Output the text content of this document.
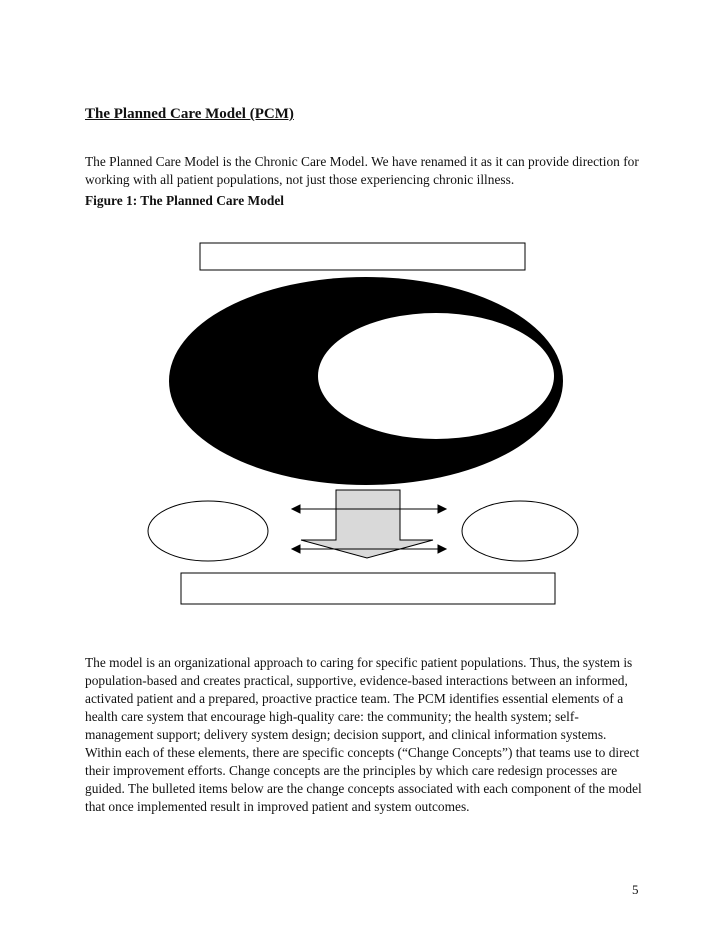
The Planned Care Model (PCM)

The Planned Care Model is the Chronic Care Model. We have renamed it as it can provide direction for working with all patient populations, not just those experiencing chronic illness.

Figure 1: The Planned Care Model

The model is an organizational approach to caring for specific patient populations. Thus, the system is population-based and creates practical, supportive, evidence-based interactions between an informed, activated patient and a prepared, proactive practice team. The PCM identifies essential elements of a health care system that encourage high-quality care: the community; the health system; self-management support; delivery system design; decision support, and clinical information systems. Within each of these elements, there are specific concepts (“Change Concepts”) that teams use to direct their improvement efforts. Change concepts are the principles by which care redesign processes are guided. The bulleted items below are the change concepts associated with each component of the model that once implemented result in improved patient and system outcomes.

5
